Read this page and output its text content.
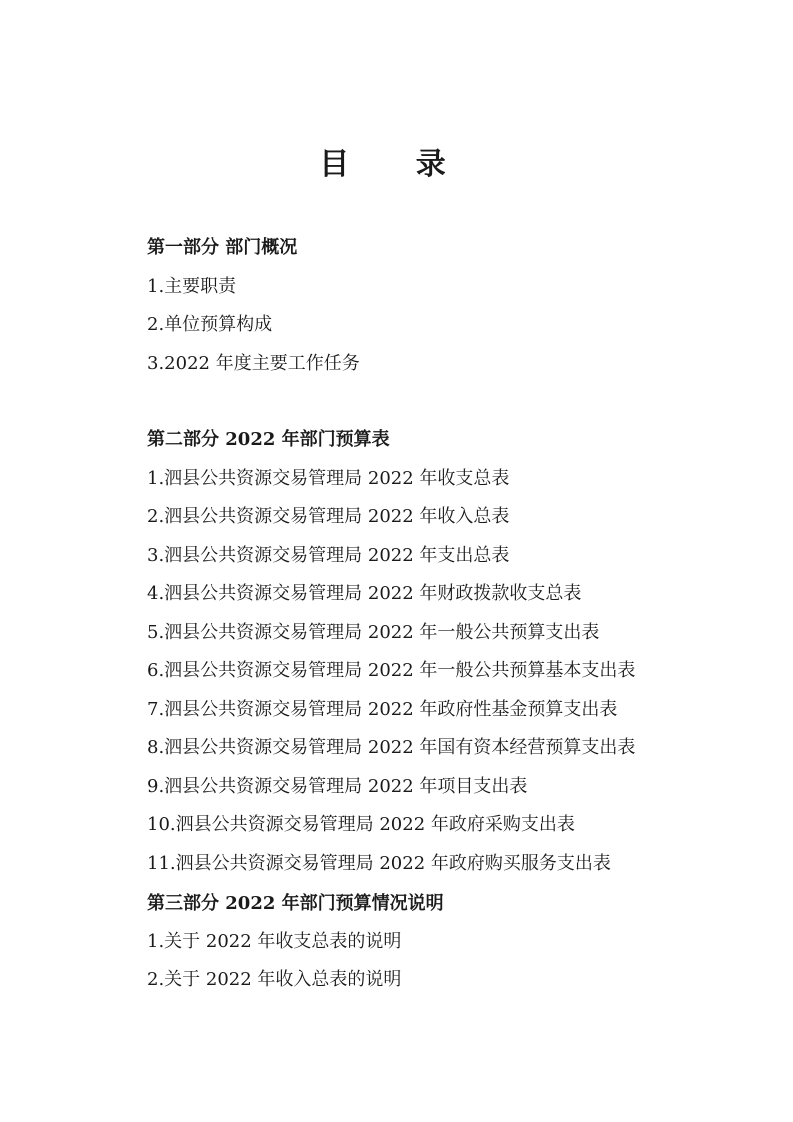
目 录
第一部分 部门概况
1.主要职责
2.单位预算构成
3.2022 年度主要工作任务
第二部分 2022 年部门预算表
1.泗县公共资源交易管理局 2022 年收支总表
2.泗县公共资源交易管理局 2022 年收入总表
3.泗县公共资源交易管理局 2022 年支出总表
4.泗县公共资源交易管理局 2022 年财政拨款收支总表
5.泗县公共资源交易管理局 2022 年一般公共预算支出表
6.泗县公共资源交易管理局 2022 年一般公共预算基本支出表
7.泗县公共资源交易管理局 2022 年政府性基金预算支出表
8.泗县公共资源交易管理局 2022 年国有资本经营预算支出表
9.泗县公共资源交易管理局 2022 年项目支出表
10.泗县公共资源交易管理局 2022 年政府采购支出表
11.泗县公共资源交易管理局 2022 年政府购买服务支出表
第三部分 2022 年部门预算情况说明
1.关于 2022 年收支总表的说明
2.关于 2022 年收入总表的说明
